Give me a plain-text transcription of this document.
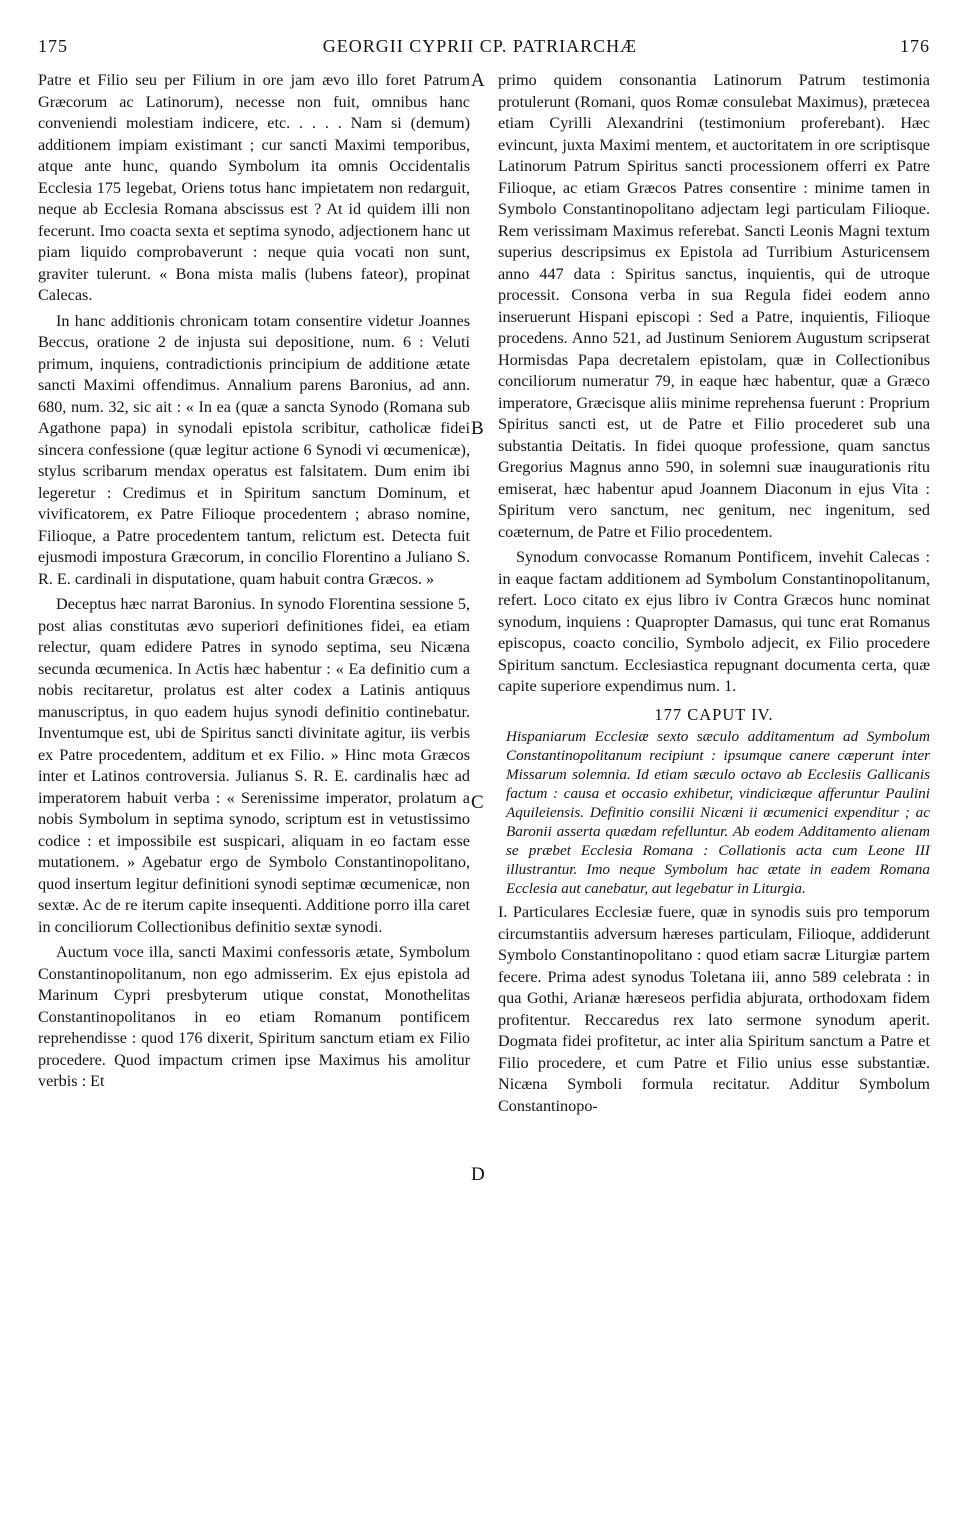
175	GEORGII CYPRII CP. PATRIARCHÆ	176
A
B
C
D

Patre et Filio seu per Filium in ore jam ævo illo foret Patrum Græcorum ac Latinorum), necesse non fuit, omnibus hanc conveniendi molestiam indicere, etc. . . . . Nam si (demum) additionem impiam existimant ; cur sancti Maximi temporibus, atque ante hunc, quando Symbolum ita omnis Occidentalis Ecclesia 175 legebat, Oriens totus hanc impietatem non redarguit, neque ab Ecclesia Romana abscissus est ? At id quidem illi non fecerunt. Imo coacta sexta et septima synodo, adjectionem hanc ut piam liquido comprobaverunt : neque quia vocati non sunt, graviter tulerunt. « Bona mista malis (lubens fateor), propinat Calecas.

In hanc additionis chronicam totam consentire videtur Joannes Beccus, oratione 2 de injusta sui depositione, num. 6 : Veluti primum, inquiens, contradictionis principium de additione ætate sancti Maximi offendimus. Annalium parens Baronius, ad ann. 680, num. 32, sic ait : « In ea (quæ a sancta Synodo (Romana sub Agathone papa) in synodali epistola scribitur, catholicæ fidei sincera confessione (quæ legitur actione 6 Synodi vi œcumenicæ), stylus scribarum mendax operatus est falsitatem. Dum enim ibi legeretur : Credimus et in Spiritum sanctum Dominum, et vivificatorem, ex Patre Filioque procedentem ; abraso nomine, Filioque, a Patre procedentem tantum, relictum est. Detecta fuit ejusmodi impostura Græcorum, in concilio Florentino a Juliano S. R. E. cardinali in disputatione, quam habuit contra Græcos. »

Deceptus hæc narrat Baronius. In synodo Florentina sessione 5, post alias constitutas ævo superiori definitiones fidei, ea etiam relectur, quam edidere Patres in synodo septima, seu Nicæna secunda œcumenica. In Actis hæc habentur : « Ea definitio cum a nobis recitaretur, prolatus est alter codex a Latinis antiquus manuscriptus, in quo eadem hujus synodi definitio continebatur. Inventumque est, ubi de Spiritus sancti divinitate agitur, iis verbis ex Patre procedentem, additum et ex Filio. » Hinc mota Græcos inter et Latinos controversia. Julianus S. R. E. cardinalis hæc ad imperatorem habuit verba : « Serenissime imperator, prolatum a nobis Symbolum in septima synodo, scriptum est in vetustissimo codice : et impossibile est suspicari, aliquam in eo factam esse mutationem. » Agebatur ergo de Symbolo Constantinopolitano, quod insertum legitur definitioni synodi septimæ œcumenicæ, non sextæ. Ac de re iterum capite insequenti. Additione porro illa caret in conciliorum Collectionibus definitio sextæ synodi.

Auctum voce illa, sancti Maximi confessoris ætate, Symbolum Constantinopolitanum, non ego admisserim. Ex ejus epistola ad Marinum Cypri presbyterum utique constat, Monothelitas Constantinopolitanos in eo etiam Romanum pontificem reprehendisse : quod 176 dixerit, Spiritum sanctum etiam ex Filio procedere. Quod impactum crimen ipse Maximus his amolitur verbis : Et

primo quidem consonantia Latinorum Patrum testimonia protulerunt (Romani, quos Romæ consulebat Maximus), prætecea etiam Cyrilli Alexandrini (testimonium proferebant). Hæc evincunt, juxta Maximi mentem, et auctoritatem in ore scriptisque Latinorum Patrum Spiritus sancti processionem offerri ex Patre Filioque, ac etiam Græcos Patres consentire : minime tamen in Symbolo Constantinopolitano adjectam legi particulam Filioque. Rem verissimam Maximus referebat. Sancti Leonis Magni textum superius descripsimus ex Epistola ad Turribium Asturicensem anno 447 data : Spiritus sanctus, inquientis, qui de utroque processit. Consona verba in sua Regula fidei eodem anno inseruerunt Hispani episcopi : Sed a Patre, inquientis, Filioque procedens. Anno 521, ad Justinum Seniorem Augustum scripserat Hormisdas Papa decretalem epistolam, quæ in Collectionibus conciliorum numeratur 79, in eaque hæc habentur, quæ a Græco imperatore, Græcisque aliis minime reprehensa fuerunt : Proprium Spiritus sancti est, ut de Patre et Filio procederet sub una substantia Deitatis. In fidei quoque professione, quam sanctus Gregorius Magnus anno 590, in solemni suæ inaugurationis ritu emiserat, hæc habentur apud Joannem Diaconum in ejus Vita : Spiritum vero sanctum, nec genitum, nec ingenitum, sed coæternum, de Patre et Filio procedentem.

Synodum convocasse Romanum Pontificem, invehit Calecas : in eaque factam additionem ad Symbolum Constantinopolitanum, refert. Loco citato ex ejus libro iv Contra Græcos hunc nominat synodum, inquiens : Quapropter Damasus, qui tunc erat Romanus episcopus, coacto concilio, Symbolo adjecit, ex Filio procedere Spiritum sanctum. Ecclesiastica repugnant documenta certa, quæ capite superiore expendimus num. 1.

177 CAPUT IV.
Hispaniarum Ecclesiæ sexto sæculo additamentum ad Symbolum Constantinopolitanum recipiunt : ipsumque canere cæperunt inter Missarum solemnia. Id etiam sæculo octavo ab Ecclesiis Gallicanis factum : causa et occasio exhibetur, vindiciæque afferuntur Paulini Aquileiensis. Definitio consilii Nicæni ii œcumenici expenditur ; ac Baronii asserta quædam refelluntur. Ab eodem Additamento alienam se præbet Ecclesia Romana : Collationis acta cum Leone III illustrantur. Imo neque Symbolum hac ætate in eadem Romana Ecclesia aut canebatur, aut legebatur in Liturgia.

I. Particulares Ecclesiæ fuere, quæ in synodis suis pro temporum circumstantiis adversum hæreses particulam, Filioque, addiderunt Symbolo Constantinopolitano : quod etiam sacræ Liturgiæ partem fecere. Prima adest synodus Toletana iii, anno 589 celebrata : in qua Gothi, Arianæ hæreseos perfidia abjurata, orthodoxam fidem profitentur. Reccaredus rex lato sermone synodum aperit. Dogmata fidei profitetur, ac inter alia Spiritum sanctum a Patre et Filio procedere, et cum Patre et Filio unius esse substantiæ. Nicæna Symboli formula recitatur. Additur Symbolum Constantinopo-
